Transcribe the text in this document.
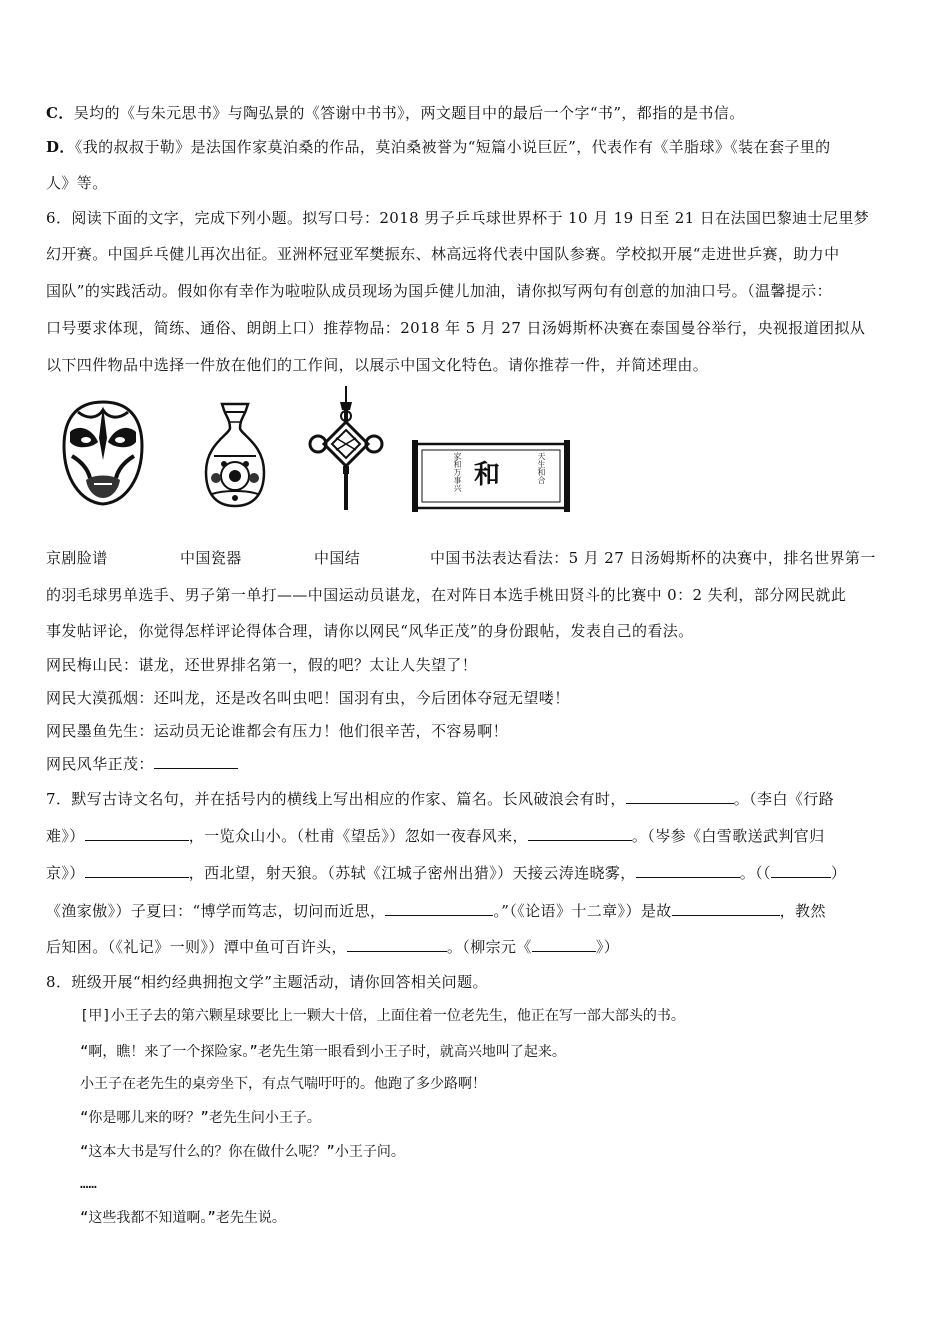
C．吴均的《与朱元思书》与陶弘景的《答谢中书书》，两文题目中的最后一个字“书”，都指的是书信。
D．《我的叔叔于勒》是法国作家莫泊桑的作品，莫泊桑被誉为“短篇小说巨匠”，代表作有《羊脂球》《装在套子里的
人》等。
6．阅读下面的文字，完成下列小题。拟写口号：2018 男子乒乓球世界杯于 10 月 19 日至 21 日在法国巴黎迪士尼里梦
幻开赛。中国乒乓健儿再次出征。亚洲杯冠亚军樊振东、林高远将代表中国队参赛。学校拟开展“走进世乒赛，助力中
国队”的实践活动。假如你有幸作为啦啦队成员现场为国乒健儿加油，请你拟写两句有创意的加油口号。（温馨提示：
口号要求体现，简练、通俗、朗朗上口）推荐物品：2018 年 5 月 27 日汤姆斯杯决赛在泰国曼谷举行，央视报道团拟从
以下四件物品中选择一件放在他们的工作间，以展示中国文化特色。请你推荐一件，并简述理由。
和	天生和合
家和万事兴
京剧脸谱	中国瓷器	中国结	中国书法表达看法：5 月 27 日汤姆斯杯的决赛中，排名世界第一
的羽毛球男单选手、男子第一单打——中国运动员谌龙，在对阵日本选手桃田贤斗的比赛中 0：2 失利，部分网民就此
事发帖评论，你觉得怎样评论得体合理，请你以网民“风华正茂”的身份跟帖，发表自己的看法。
网民梅山民：谌龙，还世界排名第一，假的吧？太让人失望了！
网民大漠孤烟：还叫龙，还是改名叫虫吧！国羽有虫，今后团体夺冠无望喽！
网民墨鱼先生：运动员无论谁都会有压力！他们很辛苦，不容易啊！
网民风华正茂：
7．默写古诗文名句，并在括号内的横线上写出相应的作家、篇名。长风破浪会有时，	。（李白《行路
难》）	，一览众山小。（杜甫《望岳》）忽如一夜春风来，	。（岑参《白雪歌送武判官归
京》）	，西北望，射天狼。（苏轼《江城子密州出猎》）天接云涛连晓雾，	。（（	）
《渔家傲》）子夏曰：“博学而笃志，切问而近思，	。”（《论语》十二章》）是故	，教然
后知困。（《礼记》一则》）潭中鱼可百许头，	。（柳宗元《	》）
8．班级开展“相约经典拥抱文学”主题活动，请你回答相关问题。
[甲]小王子去的第六颗星球要比上一颗大十倍，上面住着一位老先生，他正在写一部大部头的书。
“啊，瞧！来了一个探险家。”老先生第一眼看到小王子时，就高兴地叫了起来。
小王子在老先生的桌旁坐下，有点气喘吁吁的。他跑了多少路啊！
“你是哪儿来的呀？”老先生问小王子。
“这本大书是写什么的？你在做什么呢？”小王子问。
……
“这些我都不知道啊。”老先生说。
